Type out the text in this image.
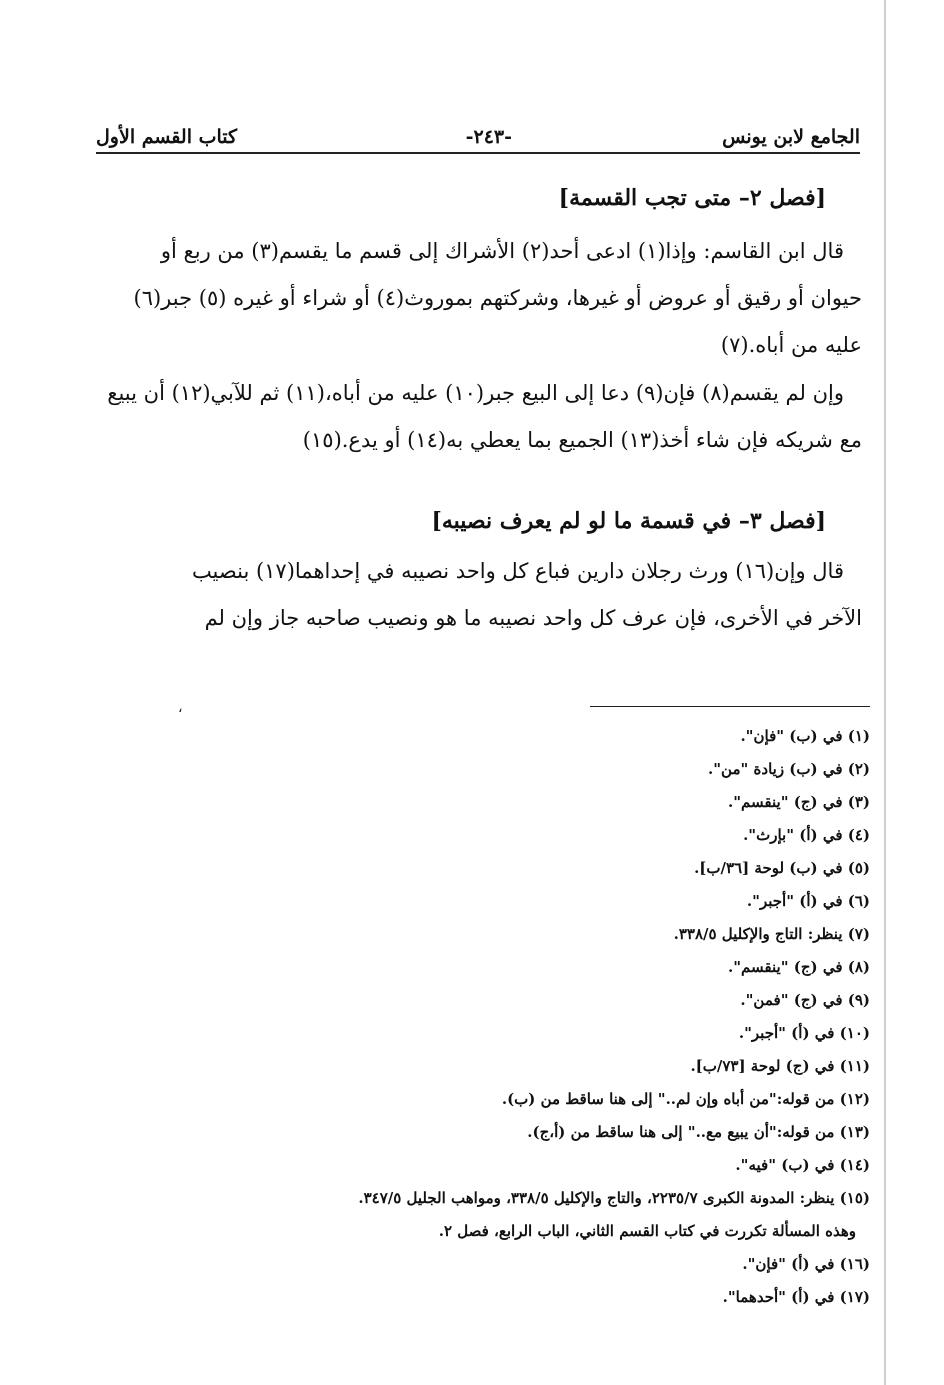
الجامع لابن يونس
-٢٤٣-
كتاب القسم الأول
[فصل ٢– متى تجب القسمة]
قال ابن القاسم: وإذا(١) ادعى أحد(٢) الأشراك إلى قسم ما يقسم(٣) من ربع أو
حيوان أو رقيق أو عروض أو غيرها، وشركتهم بموروث(٤) أو شراء أو غيره (٥) جبر(٦)
عليه من أباه.(٧)
وإن لم يقسم(٨) فإن(٩) دعا إلى البيع جبر(١٠) عليه من أباه،(١١) ثم للآبي(١٢) أن يبيع
مع شريكه فإن شاء أخذ(١٣) الجميع بما يعطي به(١٤) أو يدع.(١٥)
[فصل ٣– في قسمة ما لو لم يعرف نصيبه]
قال وإن(١٦) ورث رجلان دارين فباع كل واحد نصيبه في إحداهما(١٧) بنصيب
الآخر في الأخرى، فإن عرف كل واحد نصيبه ما هو ونصيب صاحبه جاز وإن لم
،
(١) في (ب) "فإن".
(٢) في (ب) زيادة "من".
(٣) في (ج) "ينقسم".
(٤) في (أ) "بإرث".
(٥) في (ب) لوحة [٣٦/ب].
(٦) في (أ) "أجبر".
(٧) ينظر: التاج والإكليل ٣٣٨/٥.
(٨) في (ج) "ينقسم".
(٩) في (ج) "فمن".
(١٠) في (أ) "أجبر".
(١١) في (ج) لوحة [٧٣/ب].
(١٢) من قوله:"من أباه وإن لم.." إلى هنا ساقط من (ب).
(١٣) من قوله:"أن يبيع مع.." إلى هنا ساقط من (أ،ج).
(١٤) في (ب) "فيه".
(١٥) ينظر: المدونة الكبرى ٢٢٣٥/٧، والتاج والإكليل ٣٣٨/٥، ومواهب الجليل ٣٤٧/٥.
وهذه المسألة تكررت في كتاب القسم الثاني، الباب الرابع، فصل ٢.
(١٦) في (أ) "فإن".
(١٧) في (أ) "أحدهما".
